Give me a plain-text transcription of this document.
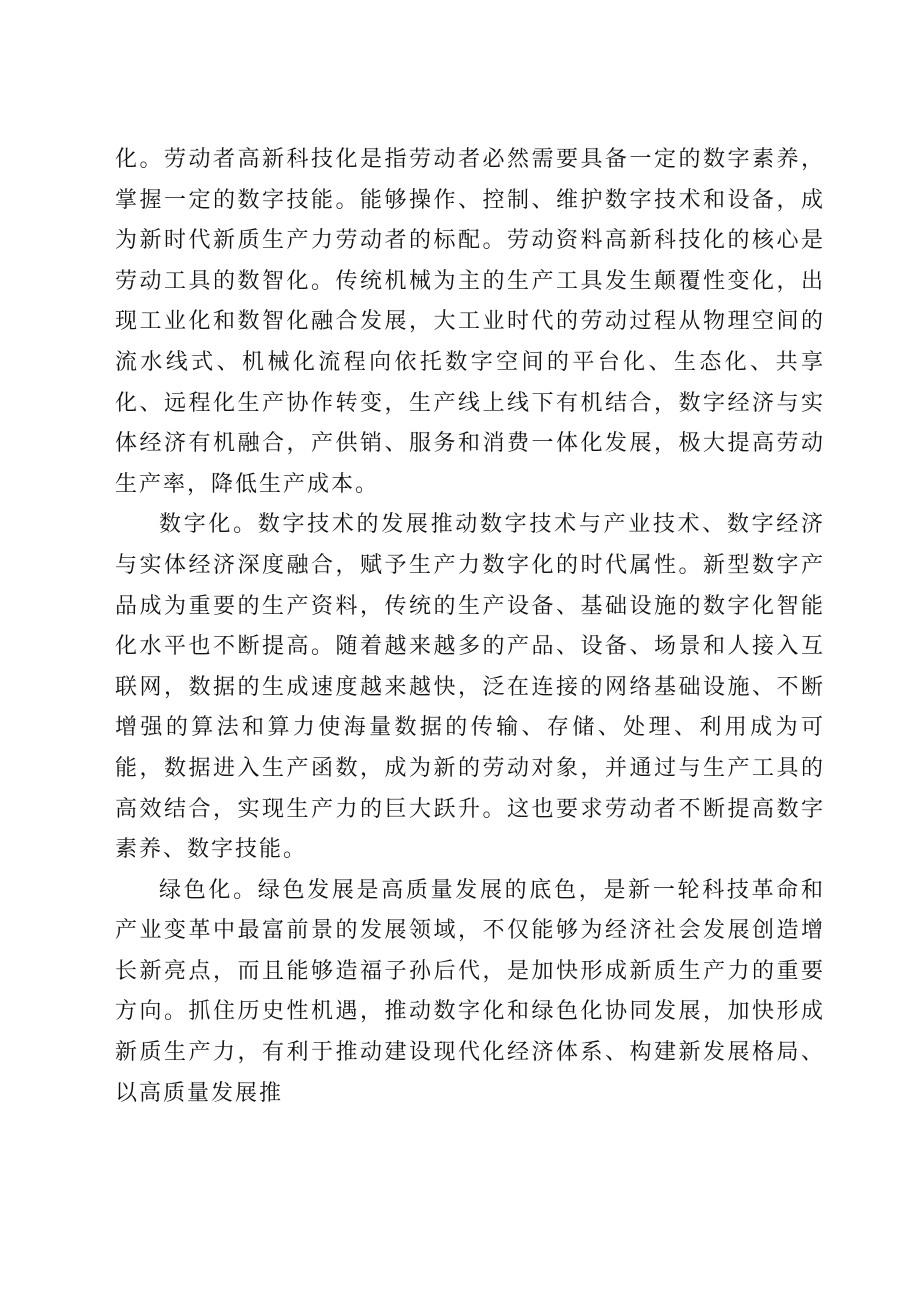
化。劳动者高新科技化是指劳动者必然需要具备一定的数字素养，掌握一定的数字技能。能够操作、控制、维护数字技术和设备，成为新时代新质生产力劳动者的标配。劳动资料高新科技化的核心是劳动工具的数智化。传统机械为主的生产工具发生颠覆性变化，出现工业化和数智化融合发展，大工业时代的劳动过程从物理空间的流水线式、机械化流程向依托数字空间的平台化、生态化、共享化、远程化生产协作转变，生产线上线下有机结合，数字经济与实体经济有机融合，产供销、服务和消费一体化发展，极大提高劳动生产率，降低生产成本。

数字化。数字技术的发展推动数字技术与产业技术、数字经济与实体经济深度融合，赋予生产力数字化的时代属性。新型数字产品成为重要的生产资料，传统的生产设备、基础设施的数字化智能化水平也不断提高。随着越来越多的产品、设备、场景和人接入互联网，数据的生成速度越来越快，泛在连接的网络基础设施、不断增强的算法和算力使海量数据的传输、存储、处理、利用成为可能，数据进入生产函数，成为新的劳动对象，并通过与生产工具的高效结合，实现生产力的巨大跃升。这也要求劳动者不断提高数字素养、数字技能。

绿色化。绿色发展是高质量发展的底色，是新一轮科技革命和产业变革中最富前景的发展领域，不仅能够为经济社会发展创造增长新亮点，而且能够造福子孙后代，是加快形成新质生产力的重要方向。抓住历史性机遇，推动数字化和绿色化协同发展，加快形成新质生产力，有利于推动建设现代化经济体系、构建新发展格局、以高质量发展推
